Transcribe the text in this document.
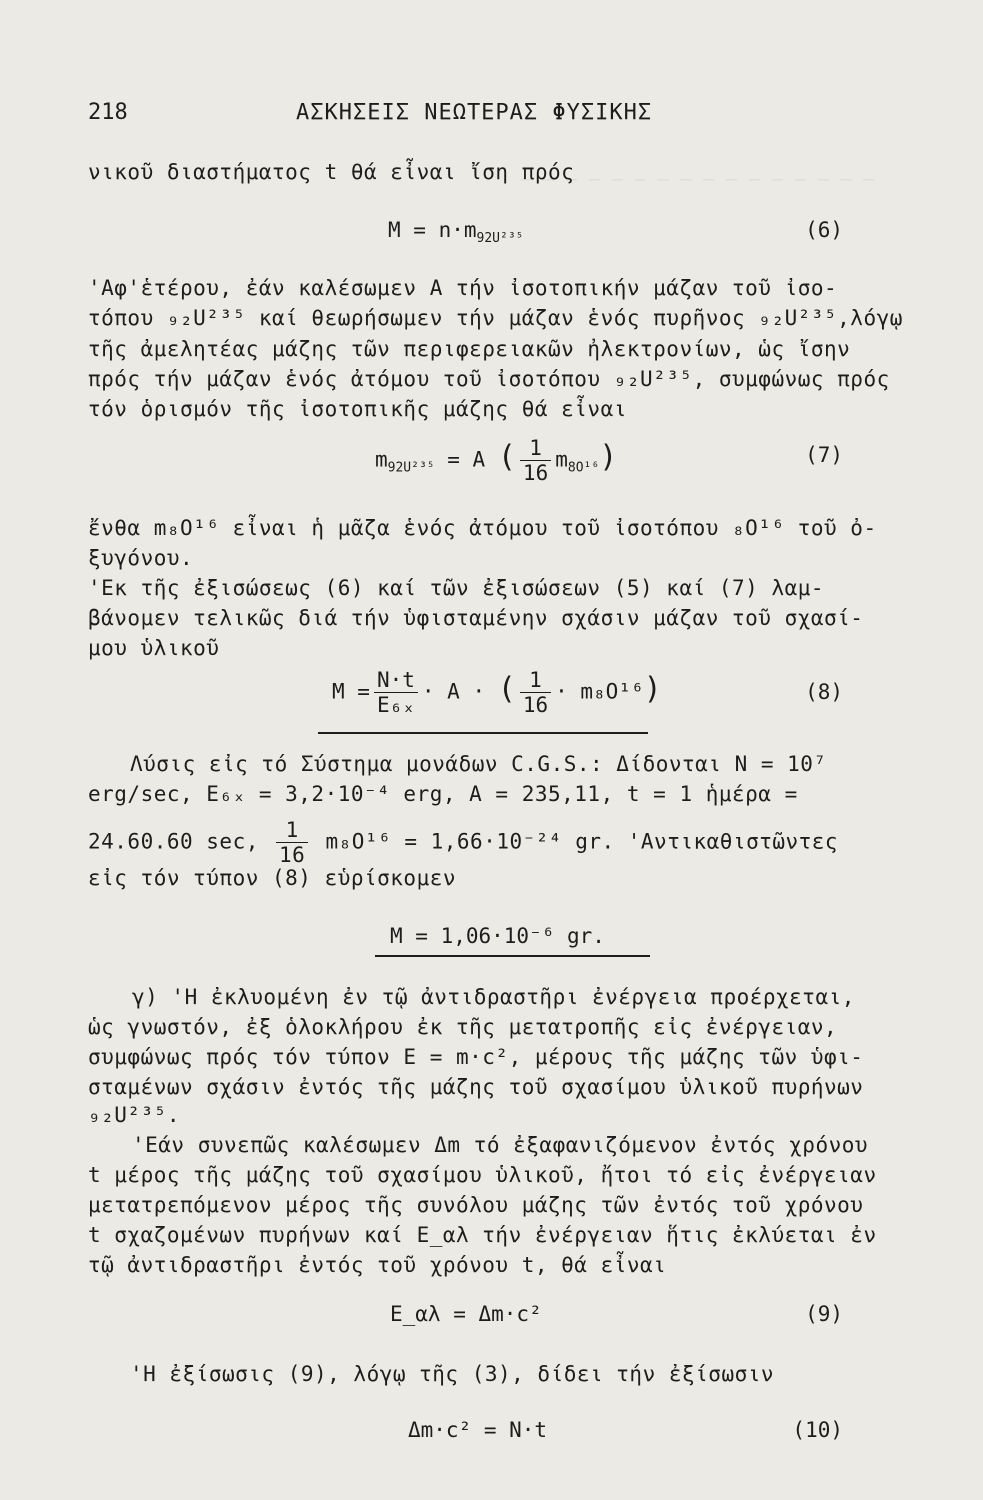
— — — — — — — — — — — — — — — —
218	ΑΣΚΗΣΕΙΣ ΝΕΩΤΕΡΑΣ ΦΥΣΙΚΗΣ
νικοῦ διαστήματος t θά εἶναι ἴση πρός
$M = n\cdot m_{92U^{235}}$	(6)
'Αφ'ἑτέρου, ἐάν καλέσωμεν A τήν ἰσοτοπικήν μάζαν τοῦ ἰσο-
τόπου ₉₂U²³⁵ καί θεωρήσωμεν τήν μάζαν ἑνός πυρῆνος ₉₂U²³⁵,λόγῳ
τῆς ἀμελητέας μάζης τῶν περιφερειακῶν ἠλεκτρονίων, ὡς ἴσην
πρός τήν μάζαν ἑνός ἀτόμου τοῦ ἰσοτόπου ₉₂U²³⁵, συμφώνως πρός
τόν ὁρισμόν τῆς ἰσοτοπικῆς μάζης θά εἶναι
$m_{92U^{235}} = A$ ( $\frac{1}{16} m_{8O^{16}}$)	(7)
ἔνθα m₈O¹⁶ εἶναι ἡ μᾶζα ἑνός ἀτόμου τοῦ ἰσοτόπου ₈O¹⁶ τοῦ ὀ-
ξυγόνου.
'Εκ τῆς ἐξισώσεως (6) καί τῶν ἐξισώσεων (5) καί (7) λαμ-
βάνομεν τελικῶς διά τήν ὑφισταμένην σχάσιν μάζαν τοῦ σχασί-
μου ὑλικοῦ
$M = \frac{N\cdot t}{\text{E₆ₓ}} \cdot A$ · ( $\frac{1}{16} \cdot m_8O^{16}$)	(8)
Λύσις εἰς τό Σύστημα μονάδων C.G.S.: Δίδονται N = 10⁷
erg/sec, E₆ₓ = 3,2·10⁻⁴ erg, A = 235,11, t = 1 ἡμέρα =
24.60.60 sec, $\frac{1}{16} m_8O^{16} = 1,66\cdot 10^{-24}$ gr. 'Αντικαθιστῶντες
εἰς τόν τύπον (8) εὑρίσκομεν
M = 1,06·10⁻⁶ gr.
γ) 'Η ἐκλυομένη ἐν τῷ ἀντιδραστῆρι ἐνέργεια προέρχεται,
ὡς γνωστόν, ἐξ ὁλοκλήρου ἐκ τῆς μετατροπῆς εἰς ἐνέργειαν,
συμφώνως πρός τόν τύπον E = m·c², μέρους τῆς μάζης τῶν ὑφι-
σταμένων σχάσιν ἐντός τῆς μάζης τοῦ σχασίμου ὑλικοῦ πυρήνων
₉₂U²³⁵.
'Εάν συνεπῶς καλέσωμεν Δm τό ἐξαφανιζόμενον ἐντός χρόνου
t μέρος τῆς μάζης τοῦ σχασίμου ὑλικοῦ, ἤτοι τό εἰς ἐνέργειαν
μετατρεπόμενον μέρος τῆς συνόλου μάζης τῶν ἐντός τοῦ χρόνου
t σχαζομένων πυρήνων καί E_αλ τήν ἐνέργειαν ἥτις ἐκλύεται ἐν
τῷ ἀντιδραστῆρι ἐντός τοῦ χρόνου t, θά εἶναι
E_αλ = Δm·c²	(9)
'Η ἐξίσωσις (9), λόγῳ τῆς (3), δίδει τήν ἐξίσωσιν
Δm·c² = N·t	(10)
